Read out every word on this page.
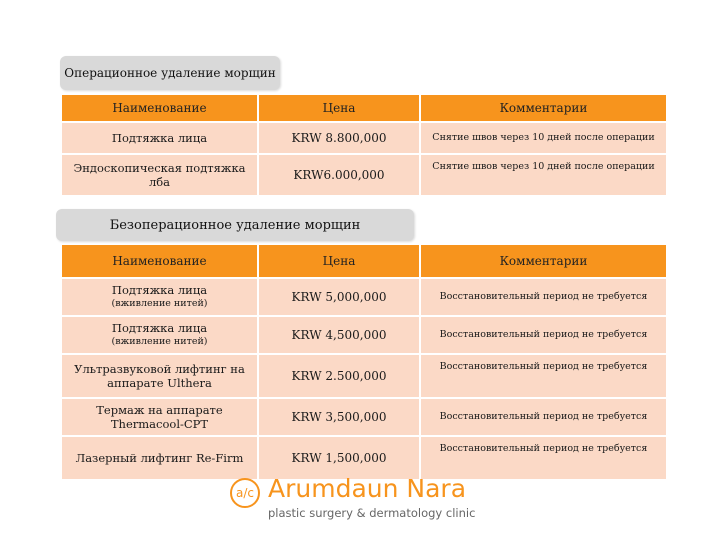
Операционное удаление морщин
Наименование	Цена	Комментарии
Подтяжка лица	KRW 8.800,000	Снятие швов через 10 дней после операции
Эндоскопическая подтяжка лба	KRW6.000,000	Снятие швов через 10 дней после операции
Безоперационное удаление морщин
Наименование	Цена	Комментарии
Подтяжка лица
(вживление нитей)	KRW 5,000,000	Восстановительный период не требуется
Подтяжка лица
(вживление нитей)	KRW 4,500,000	Восстановительный период не требуется
Ультразвуковой лифтинг на аппарате Ulthera	KRW 2.500,000	Восстановительный период не требуется
Термаж на аппарате Thermacool-CPT	KRW 3,500,000	Восстановительный период не требуется
Лазерный лифтинг Re-Firm	KRW 1,500,000	Восстановительный период не требуется
a/c Arumdaun Nara
plastic surgery & dermatology clinic
